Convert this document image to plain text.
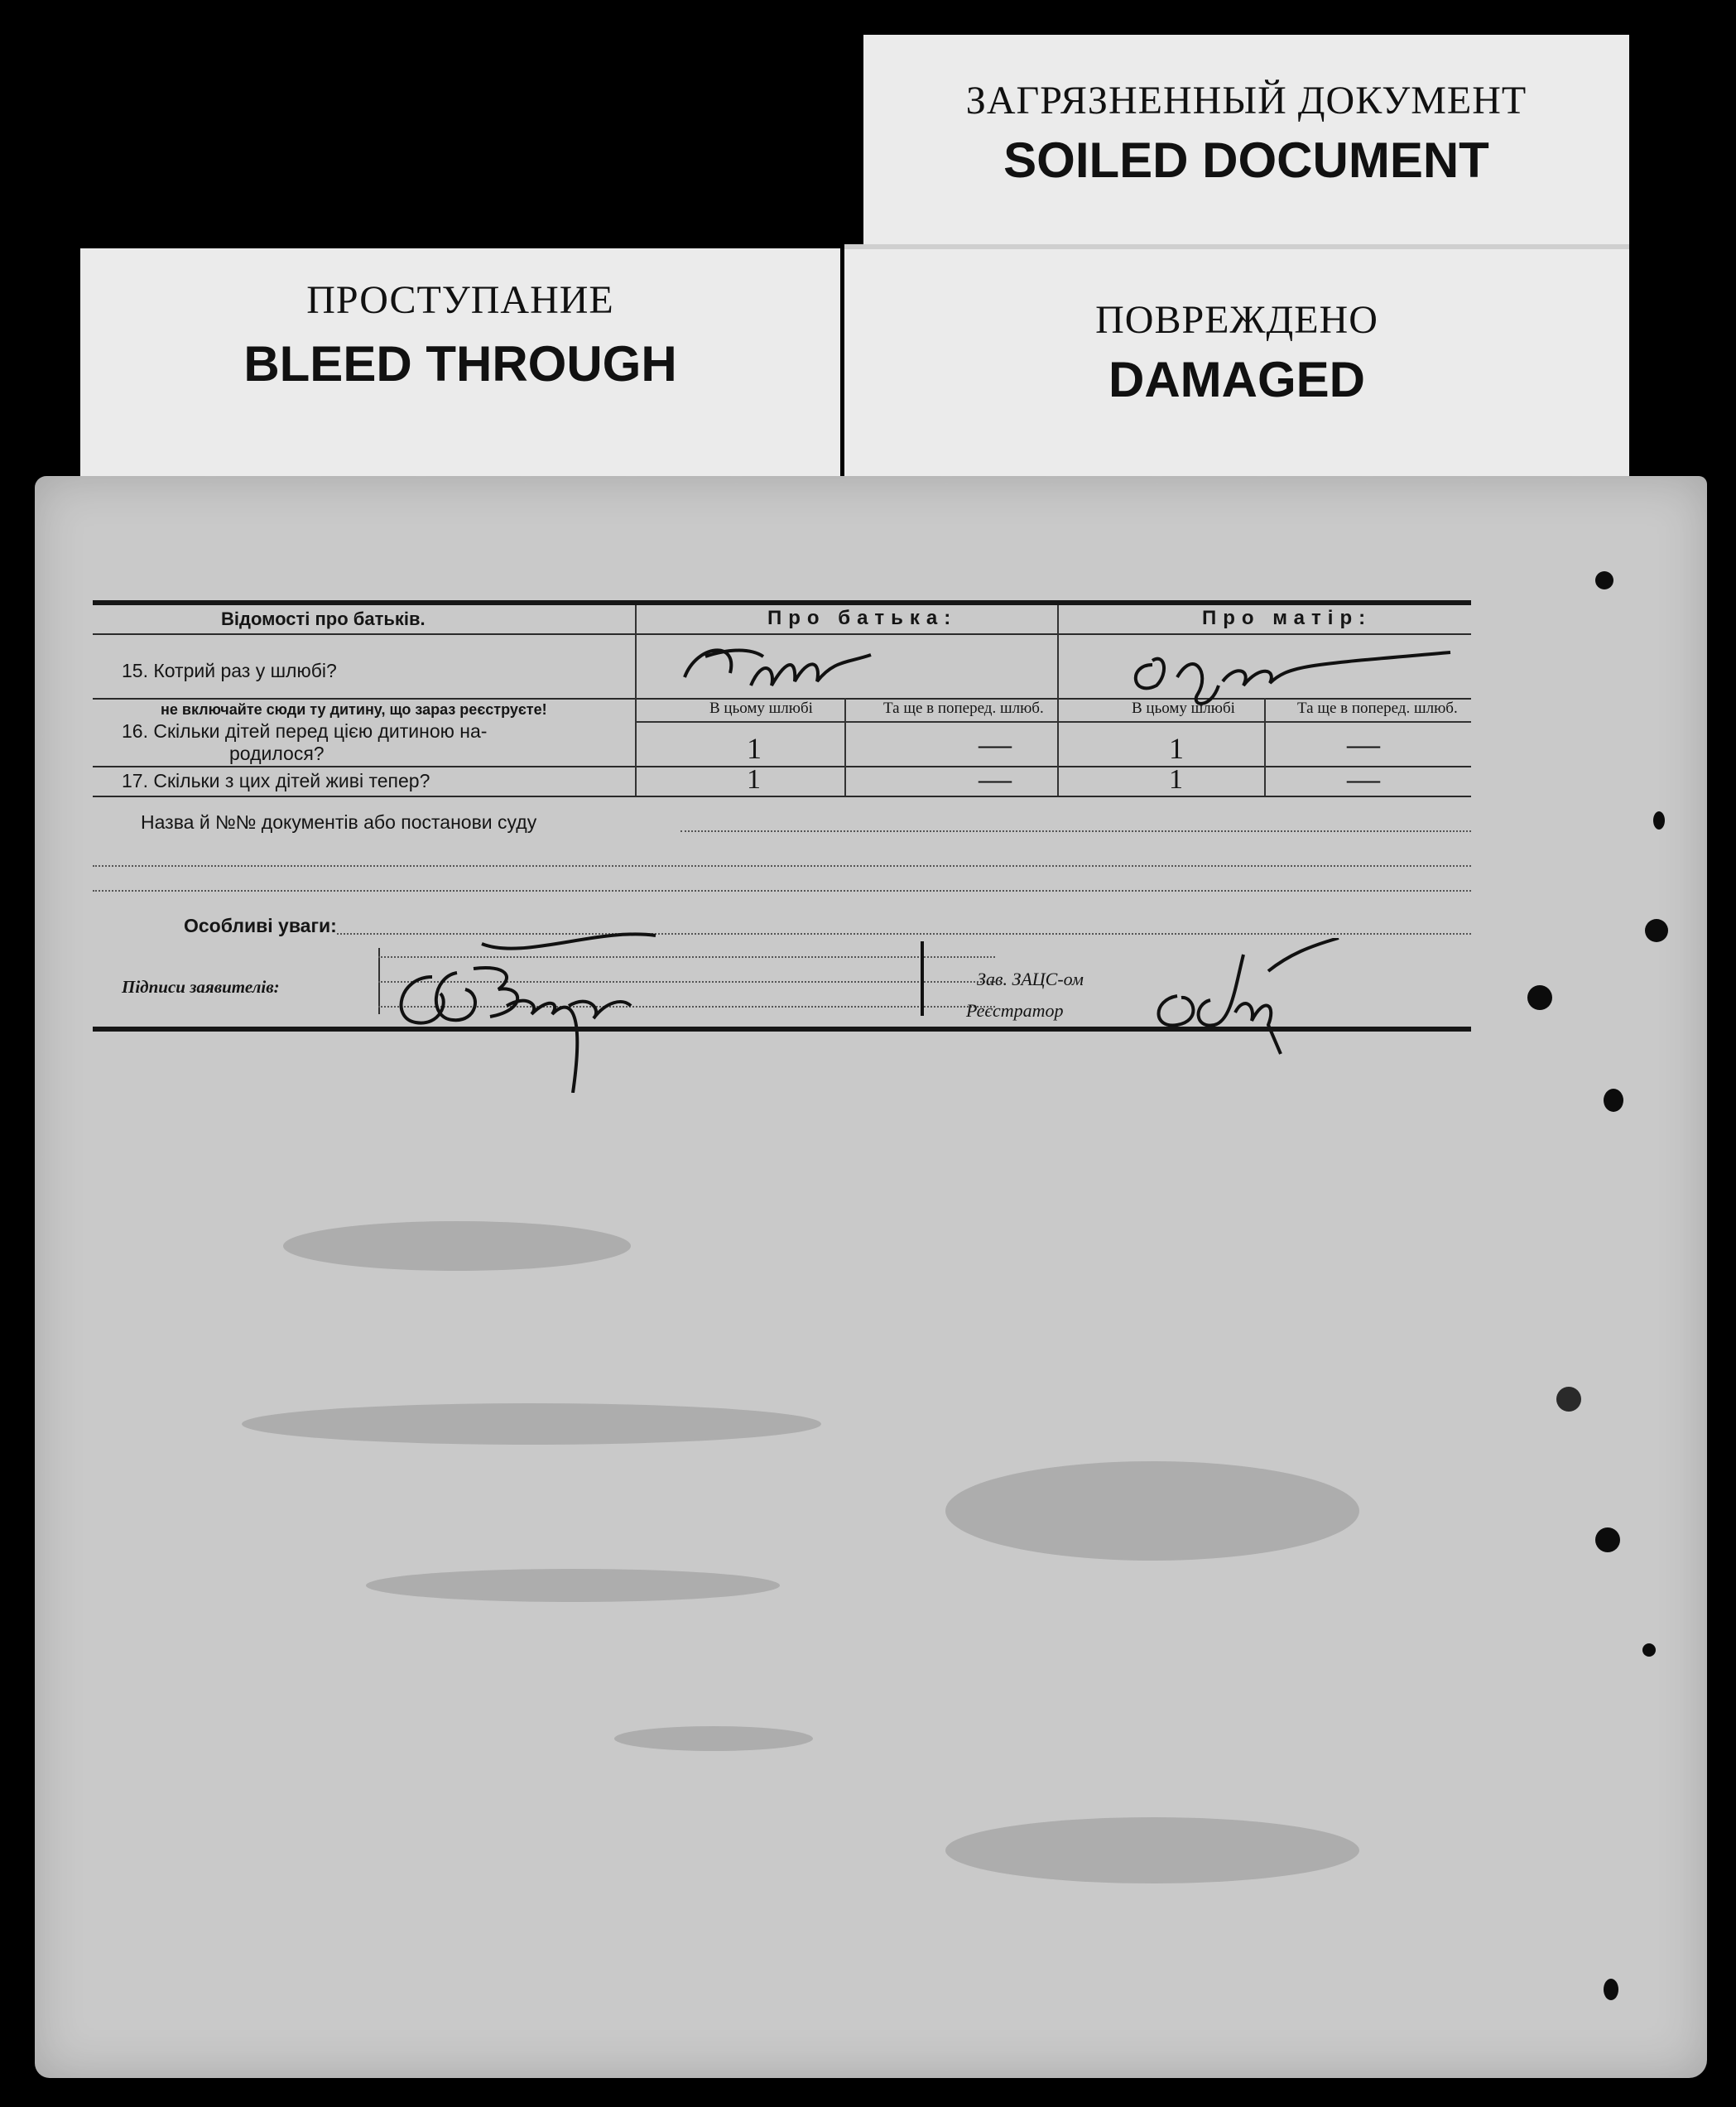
ЗАГРЯЗНЕННЫЙ ДОКУМЕНТ
SOILED DOCUMENT
ПРОСТУПАНИЕ
BLEED THROUGH
ПОВРЕЖДЕНО
DAMAGED
Відомості про батьків.	Про батька:	Про матір:
15. Котрий раз у шлюбі?
не включайте сюди ту дитину, що зараз реєструєте!	В цьому шлюбі	Та ще в поперед. шлюб.	В цьому шлюбі	Та ще в поперед. шлюб.
16. Скільки дітей перед цією дитиною на-
родилося?	1	—	1	—
17. Скільки з цих дітей живі тепер?	1	—	1	—
Назва й №№ документів або постанови суду
Особливі уваги:
Підписи заявителів:	Зав. ЗАЦС-ом
Реєстратор
